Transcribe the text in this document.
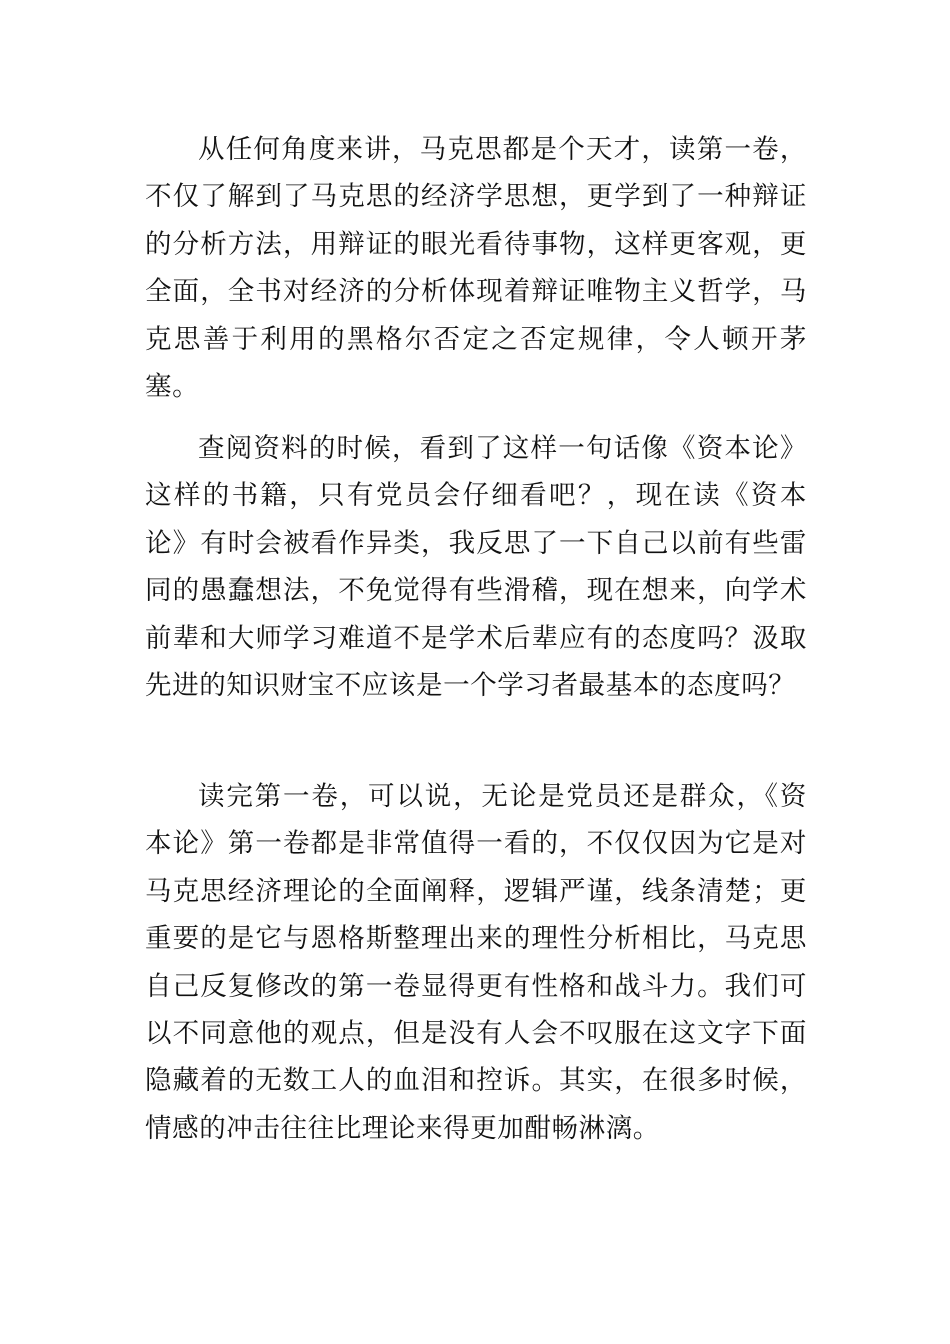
从任何角度来讲，马克思都是个天才，读第一卷，不仅了解到了马克思的经济学思想，更学到了一种辩证的分析方法，用辩证的眼光看待事物，这样更客观，更全面，全书对经济的分析体现着辩证唯物主义哲学，马克思善于利用的黑格尔否定之否定规律，令人顿开茅塞。

查阅资料的时候，看到了这样一句话像《资本论》这样的书籍，只有党员会仔细看吧？，现在读《资本论》有时会被看作异类，我反思了一下自己以前有些雷同的愚蠢想法，不免觉得有些滑稽，现在想来，向学术前辈和大师学习难道不是学术后辈应有的态度吗？汲取先进的知识财宝不应该是一个学习者最基本的态度吗？

读完第一卷，可以说，无论是党员还是群众，《资本论》第一卷都是非常值得一看的，不仅仅因为它是对马克思经济理论的全面阐释，逻辑严谨，线条清楚；更重要的是它与恩格斯整理出来的理性分析相比，马克思自己反复修改的第一卷显得更有性格和战斗力。我们可以不同意他的观点，但是没有人会不叹服在这文字下面隐藏着的无数工人的血泪和控诉。其实，在很多时候，情感的冲击往往比理论来得更加酣畅淋漓。
